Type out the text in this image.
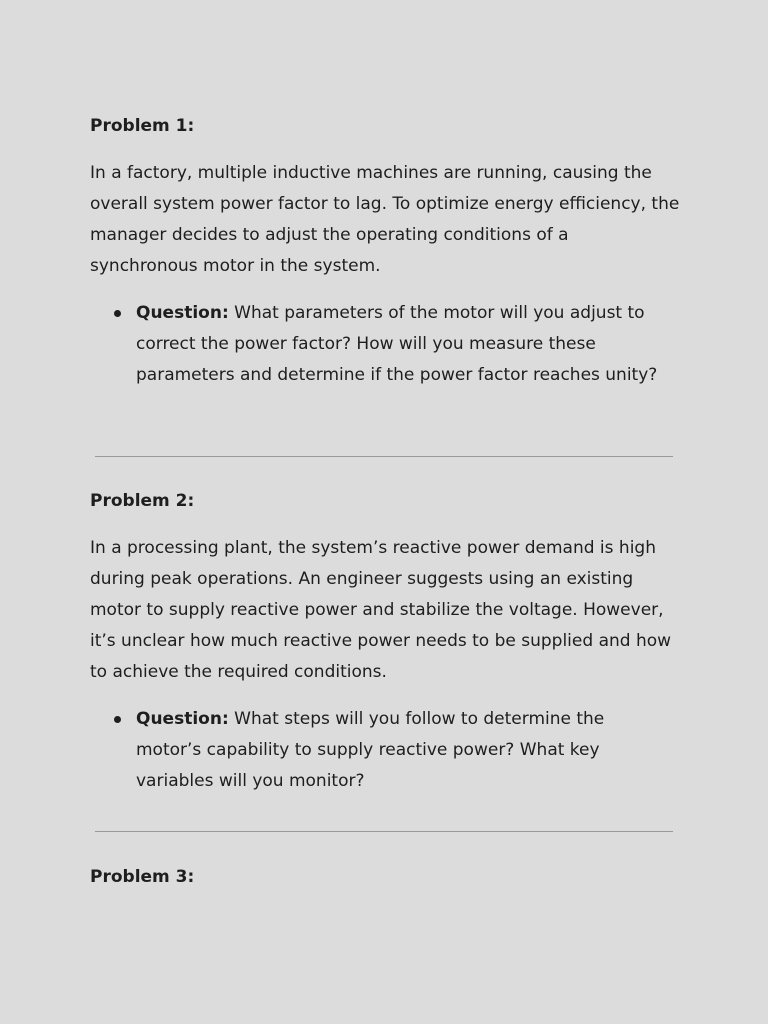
Problem 1:

In a factory, multiple inductive machines are running, causing the overall system power factor to lag. To optimize energy efficiency, the manager decides to adjust the operating conditions of a synchronous motor in the system.

Question: What parameters of the motor will you adjust to correct the power factor? How will you measure these parameters and determine if the power factor reaches unity?
Problem 2:

In a processing plant, the system’s reactive power demand is high during peak operations. An engineer suggests using an existing motor to supply reactive power and stabilize the voltage. However, it’s unclear how much reactive power needs to be supplied and how to achieve the required conditions.

Question: What steps will you follow to determine the motor’s capability to supply reactive power? What key variables will you monitor?
Problem 3:
